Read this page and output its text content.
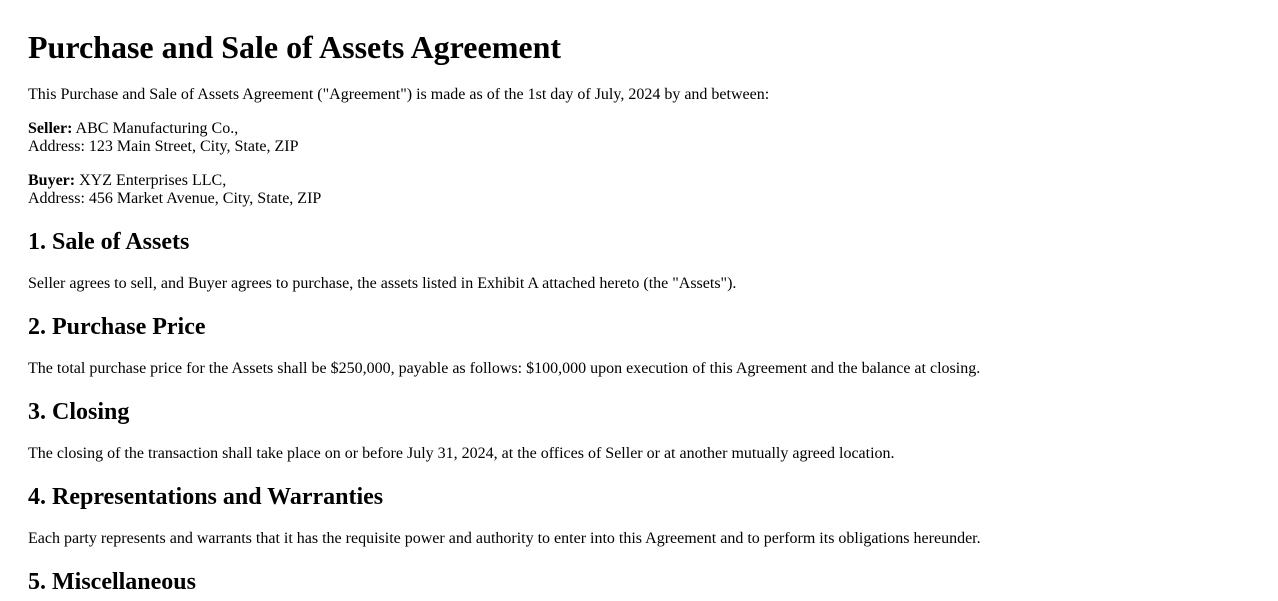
Purchase and Sale of Assets Agreement

This Purchase and Sale of Assets Agreement ("Agreement") is made as of the 1st day of July, 2024 by and between:

Seller: ABC Manufacturing Co.,
Address: 123 Main Street, City, State, ZIP

Buyer: XYZ Enterprises LLC,
Address: 456 Market Avenue, City, State, ZIP

1. Sale of Assets

Seller agrees to sell, and Buyer agrees to purchase, the assets listed in Exhibit A attached hereto (the "Assets").

2. Purchase Price

The total purchase price for the Assets shall be $250,000, payable as follows: $100,000 upon execution of this Agreement and the balance at closing.

3. Closing

The closing of the transaction shall take place on or before July 31, 2024, at the offices of Seller or at another mutually agreed location.

4. Representations and Warranties

Each party represents and warrants that it has the requisite power and authority to enter into this Agreement and to perform its obligations hereunder.

5. Miscellaneous
